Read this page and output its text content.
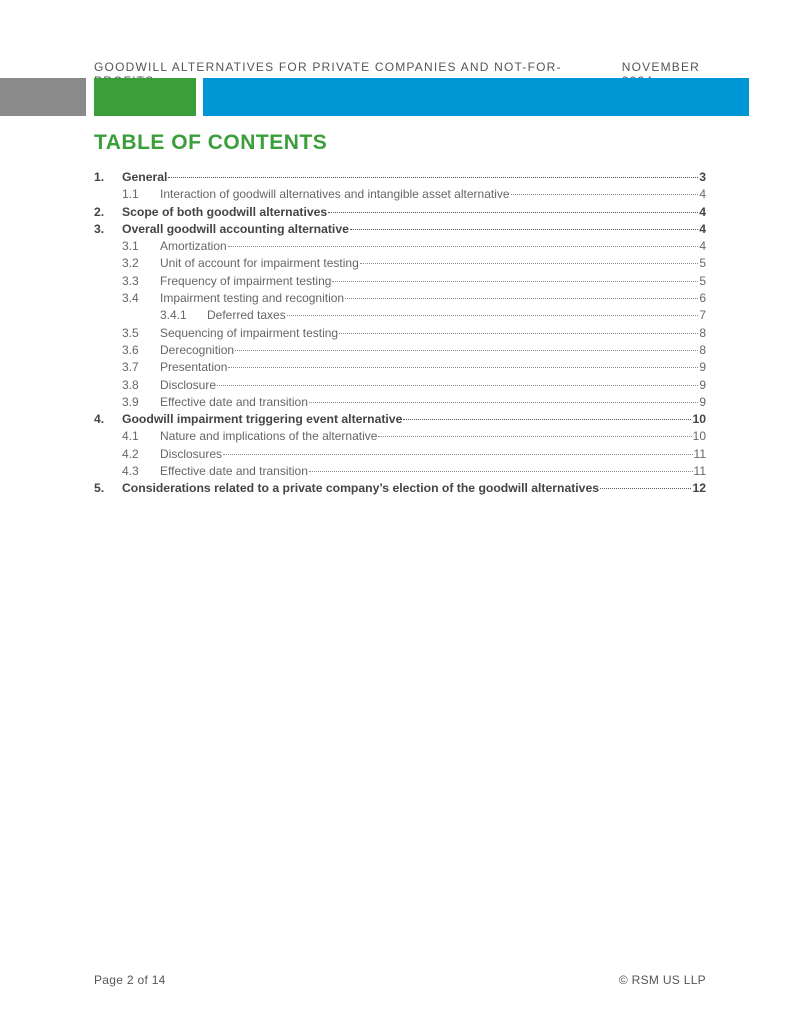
GOODWILL ALTERNATIVES FOR PRIVATE COMPANIES AND NOT-FOR-	NOVEMBER
TABLE OF CONTENTS
1.	General	3
1.1	Interaction of goodwill alternatives and intangible asset alternative	4
2.	Scope of both goodwill alternatives	4
3.	Overall goodwill accounting alternative	4
3.1	Amortization	4
3.2	Unit of account for impairment testing	5
3.3	Frequency of impairment testing	5
3.4	Impairment testing and recognition	6
3.4.1	Deferred taxes	7
3.5	Sequencing of impairment testing	8
3.6	Derecognition	8
3.7	Presentation	9
3.8	Disclosure	9
3.9	Effective date and transition	9
4.	Goodwill impairment triggering event alternative	10
4.1	Nature and implications of the alternative	10
4.2	Disclosures	11
4.3	Effective date and transition	11
5.	Considerations related to a private company’s election of the goodwill alternatives	12
Page 2 of 14	© RSM US LLP
